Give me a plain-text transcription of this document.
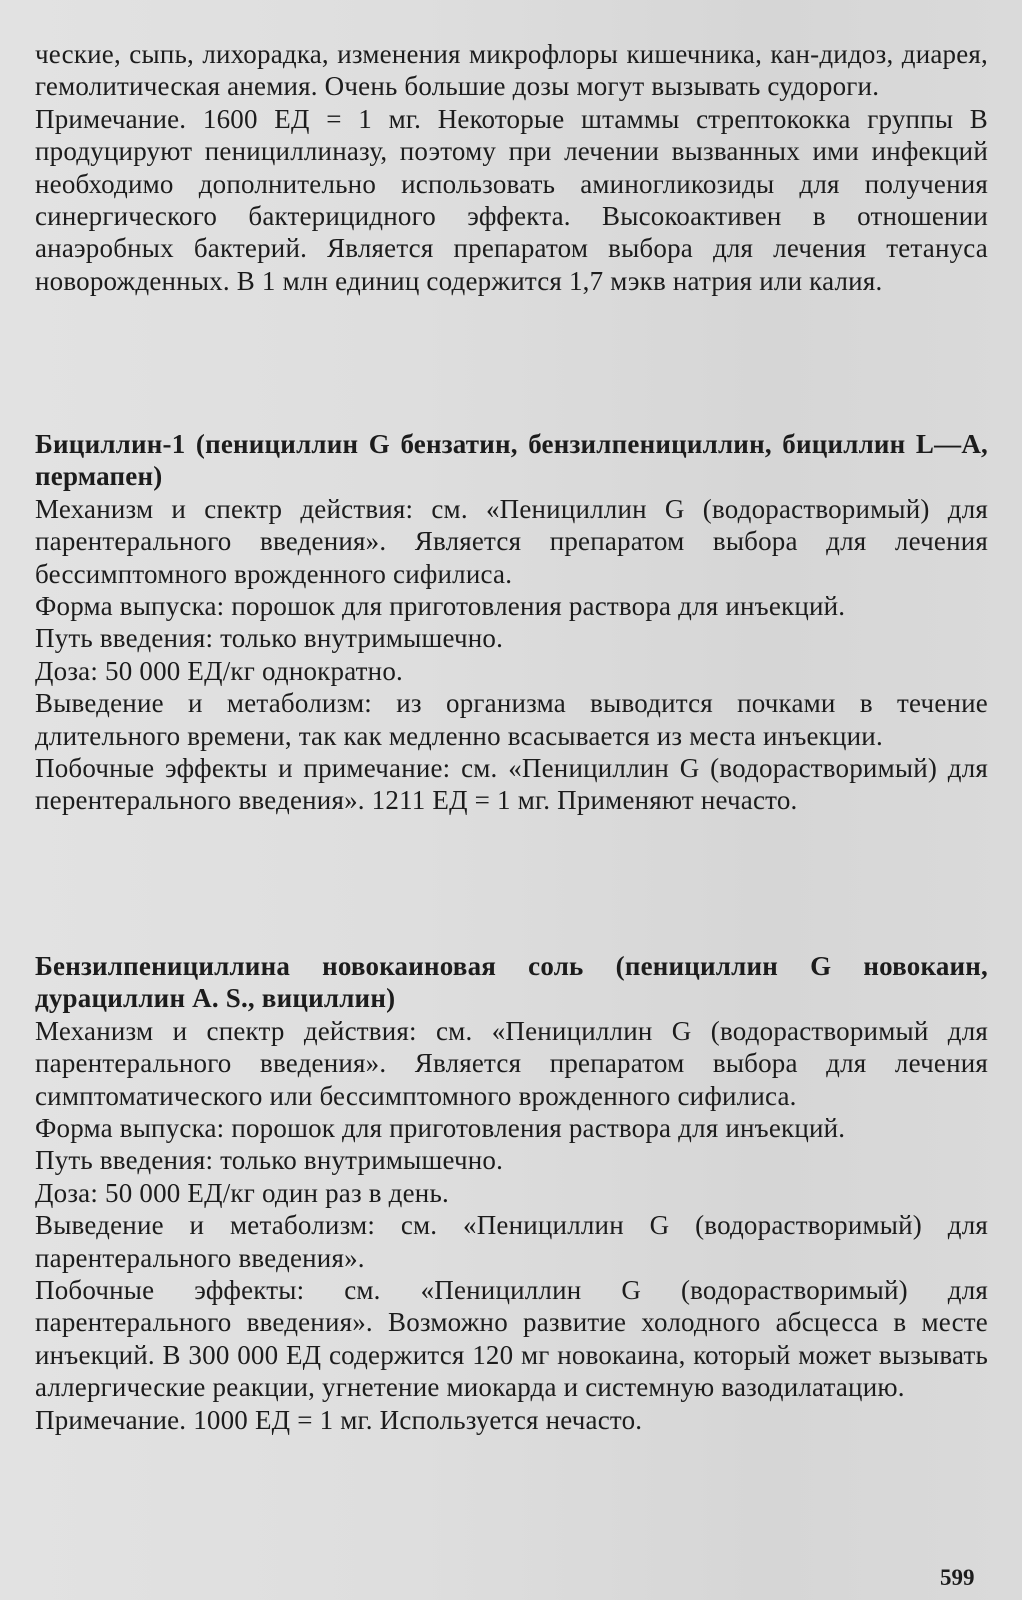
ческие, сыпь, лихорадка, изменения микрофлоры кишечника, кан-дидоз, диарея, гемолитическая анемия. Очень большие дозы могут вызывать судороги.

Примечание. 1600 ЕД = 1 мг. Некоторые штаммы стрептококка группы В продуцируют пенициллиназу, поэтому при лечении вызванных ими инфекций необходимо дополнительно использовать аминогликозиды для получения синергического бактерицидного эффекта. Высокоактивен в отношении анаэробных бактерий. Является препаратом выбора для лечения тетануса новорожденных. В 1 млн единиц содержится 1,7 мэкв натрия или калия.

Бициллин-1 (пенициллин G бензатин, бензилпенициллин, бициллин L—A, пермапен)

Механизм и спектр действия: см. «Пенициллин G (водорастворимый) для парентерального введения». Является препаратом выбора для лечения бессимптомного врожденного сифилиса.

Форма выпуска: порошок для приготовления раствора для инъекций.

Путь введения: только внутримышечно.

Доза: 50 000 ЕД/кг однократно.

Выведение и метаболизм: из организма выводится почками в течение длительного времени, так как медленно всасывается из места инъекции.

Побочные эффекты и примечание: см. «Пенициллин G (водорастворимый) для перентерального введения». 1211 ЕД = 1 мг. Применяют нечасто.

Бензилпенициллина новокаиновая соль (пенициллин G новокаин, дурациллин A. S., вициллин)

Механизм и спектр действия: см. «Пенициллин G (водорастворимый для парентерального введения». Является препаратом выбора для лечения симптоматического или бессимптомного врожденного сифилиса.

Форма выпуска: порошок для приготовления раствора для инъекций.

Путь введения: только внутримышечно.

Доза: 50 000 ЕД/кг один раз в день.

Выведение и метаболизм: см. «Пенициллин G (водорастворимый) для парентерального введения».

Побочные эффекты: см. «Пенициллин G (водорастворимый) для парентерального введения». Возможно развитие холодного абсцесса в месте инъекций. В 300 000 ЕД содержится 120 мг новокаина, который может вызывать аллергические реакции, угнетение миокарда и системную вазодилатацию.

Примечание. 1000 ЕД = 1 мг. Используется нечасто.

599
